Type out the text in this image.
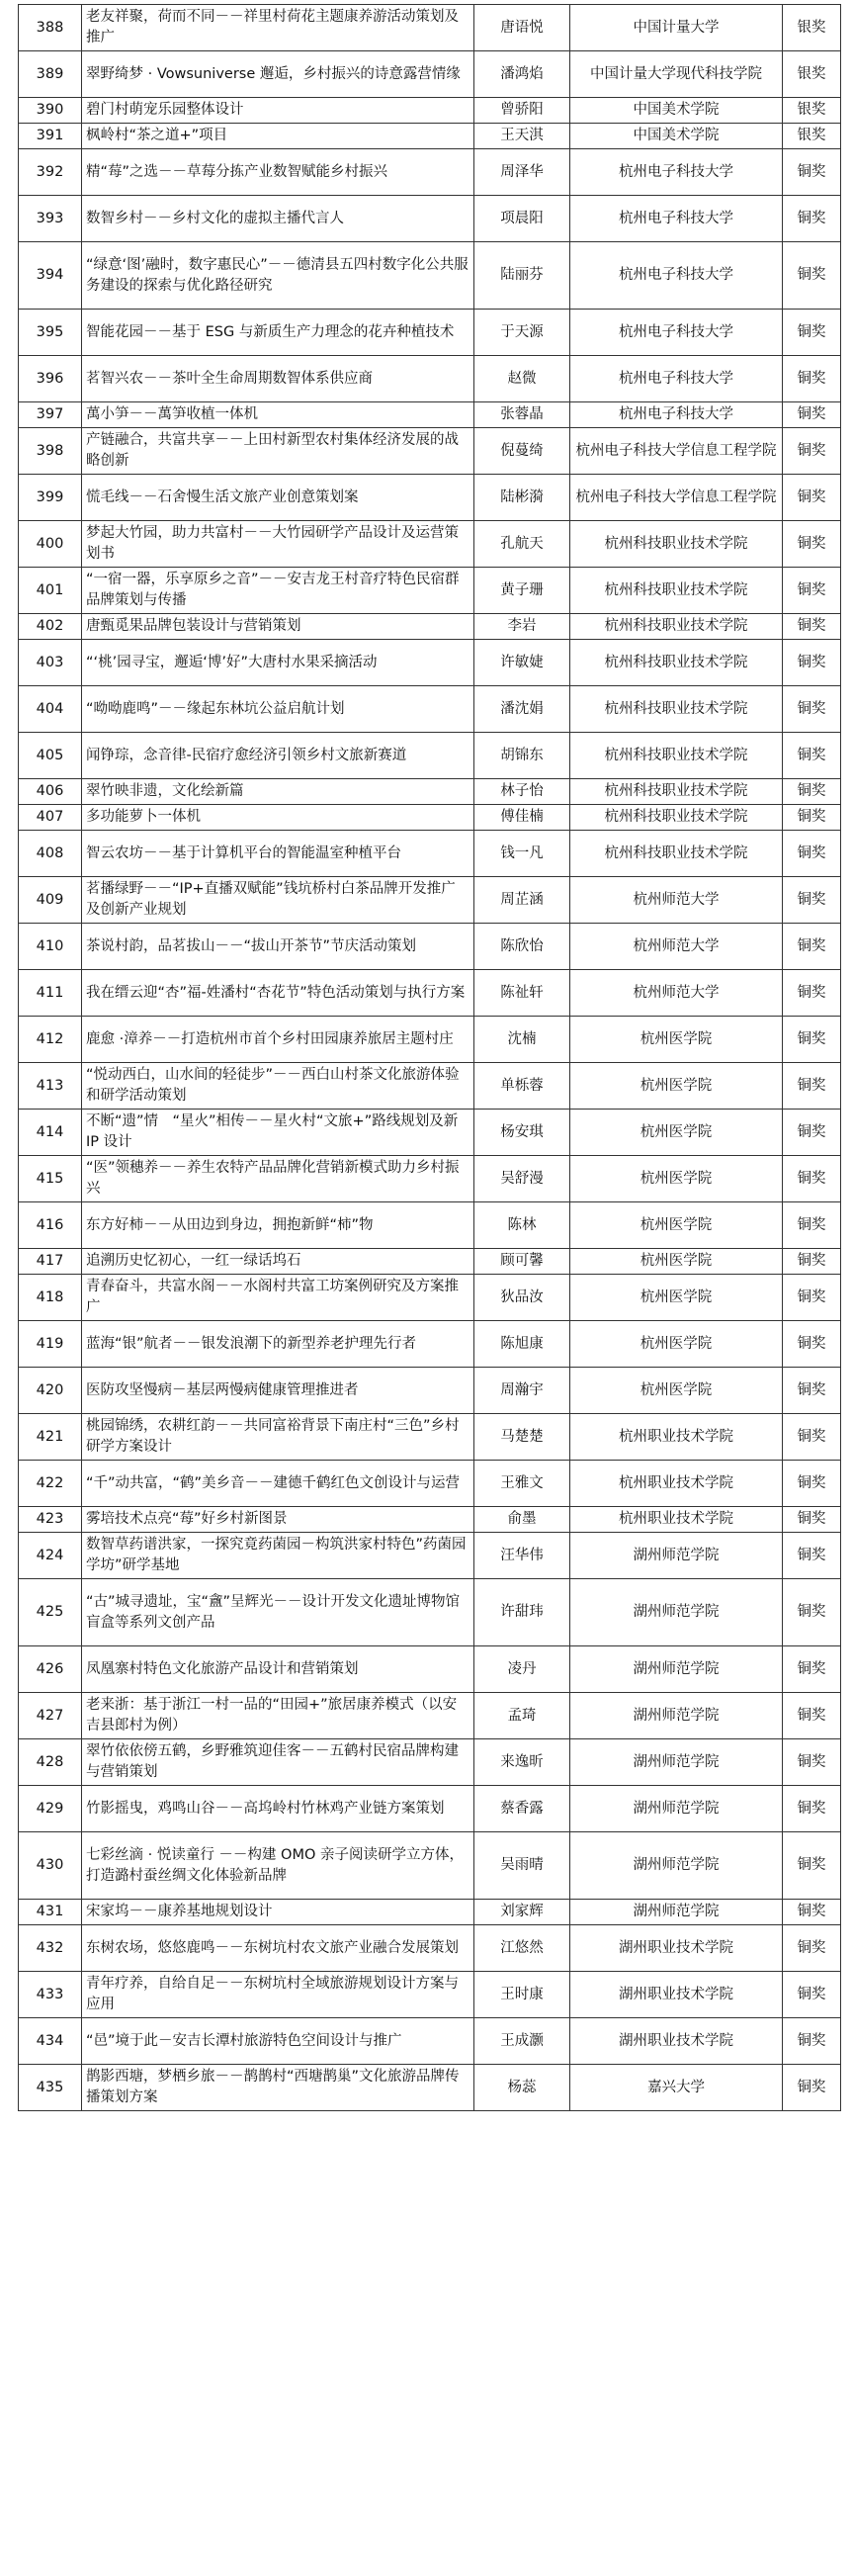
388	老友祥聚，荷而不同－－祥里村荷花主题康养游活动策划及推广	唐语悦	中国计量大学	银奖
389	翠野绮梦 · Vowsuniverse 邂逅，乡村振兴的诗意露营情缘	潘鸿焰	中国计量大学现代科技学院	银奖
390	碧门村萌宠乐园整体设计	曾骄阳	中国美术学院	银奖
391	枫岭村“茶之道+”项目	王天淇	中国美术学院	银奖
392	精“莓”之选－－草莓分拣产业数智赋能乡村振兴	周泽华	杭州电子科技大学	铜奖
393	数智乡村－－乡村文化的虚拟主播代言人	项晨阳	杭州电子科技大学	铜奖
394	“绿意‘图’融时，数字惠民心”－－德清县五四村数字化公共服务建设的探索与优化路径研究	陆丽芬	杭州电子科技大学	铜奖
395	智能花园－－基于 ESG 与新质生产力理念的花卉种植技术	于天源	杭州电子科技大学	铜奖
396	茗智兴农－－茶叶全生命周期数智体系供应商	赵微	杭州电子科技大学	铜奖
397	萬小笋－－萬笋收植一体机	张蓉晶	杭州电子科技大学	铜奖
398	产链融合，共富共享－－上田村新型农村集体经济发展的战略创新	倪蔓绮	杭州电子科技大学信息工程学院	铜奖
399	慌毛线－－石舍慢生活文旅产业创意策划案	陆彬漪	杭州电子科技大学信息工程学院	铜奖
400	梦起大竹园，助力共富村－－大竹园研学产品设计及运营策划书	孔航天	杭州科技职业技术学院	铜奖
401	“一宿一器，乐享原乡之音”－－安吉龙王村音疗特色民宿群品牌策划与传播	黄子珊	杭州科技职业技术学院	铜奖
402	唐甄觅果品牌包装设计与营销策划	李岩	杭州科技职业技术学院	铜奖
403	“‘桃’园寻宝，邂逅‘博’好”大唐村水果采摘活动	许敏婕	杭州科技职业技术学院	铜奖
404	“呦呦鹿鸣”－－缘起东林坑公益启航计划	潘沈娟	杭州科技职业技术学院	铜奖
405	闻铮琮，念音律-民宿疗愈经济引领乡村文旅新赛道	胡锦东	杭州科技职业技术学院	铜奖
406	翠竹映非遗，文化绘新篇	林子怡	杭州科技职业技术学院	铜奖
407	多功能萝卜一体机	傅佳楠	杭州科技职业技术学院	铜奖
408	智云农坊－－基于计算机平台的智能温室种植平台	钱一凡	杭州科技职业技术学院	铜奖
409	茗播绿野－－“IP+直播双赋能”钱坑桥村白茶品牌开发推广及创新产业规划	周芷涵	杭州师范大学	铜奖
410	茶说村韵，品茗拔山－－“拔山开茶节”节庆活动策划	陈欣怡	杭州师范大学	铜奖
411	我在缙云迎“杏”福-姓潘村“杏花节”特色活动策划与执行方案	陈祉轩	杭州师范大学	铜奖
412	鹿愈 ·漳养－－打造杭州市首个乡村田园康养旅居主题村庄	沈楠	杭州医学院	铜奖
413	“悦动西白，山水间的轻徒步”－－西白山村茶文化旅游体验和研学活动策划	单栎蓉	杭州医学院	铜奖
414	不断“遗”情　“星火”相传－－星火村“文旅+”路线规划及新 IP 设计	杨安琪	杭州医学院	铜奖
415	“医”领穗养－－养生农特产品品牌化营销新模式助力乡村振兴	吴舒漫	杭州医学院	铜奖
416	东方好柿－－从田边到身边，拥抱新鲜“柿”物	陈林	杭州医学院	铜奖
417	追溯历史忆初心，一红一绿话坞石	顾可馨	杭州医学院	铜奖
418	青春奋斗，共富水阁－－水阁村共富工坊案例研究及方案推广	狄品汝	杭州医学院	铜奖
419	蓝海“银”航者－－银发浪潮下的新型养老护理先行者	陈旭康	杭州医学院	铜奖
420	医防攻坚慢病－基层两慢病健康管理推进者	周瀚宇	杭州医学院	铜奖
421	桃园锦绣，农耕红韵－－共同富裕背景下南庄村“三色”乡村研学方案设计	马楚楚	杭州职业技术学院	铜奖
422	“千”动共富，“鹤”美乡音－－建德千鹤红色文创设计与运营	王雅文	杭州职业技术学院	铜奖
423	雾培技术点亮“莓”好乡村新图景	俞墨	杭州职业技术学院	铜奖
424	数智草药谱洪家，一探究竟药菌园－构筑洪家村特色”药菌园学坊”研学基地	汪华伟	湖州师范学院	铜奖
425	“古”城寻遗址，宝“盦”呈辉光－－设计开发文化遗址博物馆盲盒等系列文创产品	许甜玮	湖州师范学院	铜奖
426	凤凰寨村特色文化旅游产品设计和营销策划	凌丹	湖州师范学院	铜奖
427	老来浙：基于浙江一村一品的“田园+”旅居康养模式（以安吉县郎村为例）	孟琦	湖州师范学院	铜奖
428	翠竹依依傍五鹤，乡野雅筑迎佳客－－五鹤村民宿品牌构建与营销策划	来逸昕	湖州师范学院	铜奖
429	竹影摇曳，鸡鸣山谷－－高坞岭村竹林鸡产业链方案策划	蔡香露	湖州师范学院	铜奖
430	七彩丝滴 · 悦读童行 －－构建 OMO 亲子阅读研学立方体，打造潞村蚕丝绸文化体验新品牌	吴雨晴	湖州师范学院	铜奖
431	宋家坞－－康养基地规划设计	刘家辉	湖州师范学院	铜奖
432	东树农场，悠悠鹿鸣－－东树坑村农文旅产业融合发展策划	江悠然	湖州职业技术学院	铜奖
433	青年疗养，自给自足－－东树坑村全域旅游规划设计方案与应用	王时康	湖州职业技术学院	铜奖
434	“邑”境于此－安吉长潭村旅游特色空间设计与推广	王成灏	湖州职业技术学院	铜奖
435	鹊影西塘，梦栖乡旅－－鹊鹊村“西塘鹊巢”文化旅游品牌传播策划方案	杨蕊	嘉兴大学	铜奖
